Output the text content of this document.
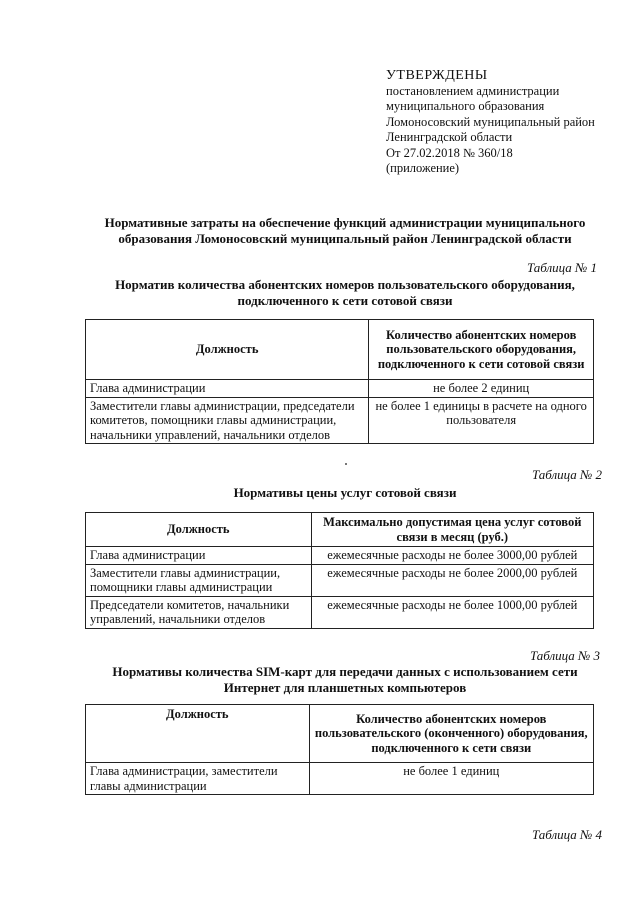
УТВЕРЖДЕНЫ
постановлением администрации
муниципального образования
Ломоносовский муниципальный район
Ленинградской области
От 27.02.2018 № 360/18
(приложение)
Нормативные затраты на обеспечение функций администрации муниципального
образования Ломоносовский муниципальный район Ленинградской области
Таблица № 1
Норматив количества абонентских номеров пользовательского оборудования,
подключенного к сети сотовой связи
Должность	Количество абонентских номеров пользовательского оборудования, подключенного к сети сотовой связи
Глава администрации	не более 2 единиц
Заместители главы администрации, председатели комитетов, помощники главы администрации, начальники управлений, начальники отделов	не более 1 единицы в расчете на одного пользователя
Таблица № 2
Нормативы цены услуг сотовой связи
Должность	Максимально допустимая цена услуг сотовой связи в месяц (руб.)
Глава администрации	ежемесячные расходы не более 3000,00 рублей
Заместители главы администрации, помощники главы администрации	ежемесячные расходы не более 2000,00 рублей
Председатели комитетов, начальники управлений, начальники отделов	ежемесячные расходы не более 1000,00 рублей
Таблица № 3
Нормативы количества SIM-карт для передачи данных с использованием сети
Интернет для планшетных компьютеров
Должность	Количество абонентских номеров пользовательского (оконченного) оборудования, подключенного к сети связи
Глава администрации, заместители главы администрации	не более 1 единиц
Таблица № 4
